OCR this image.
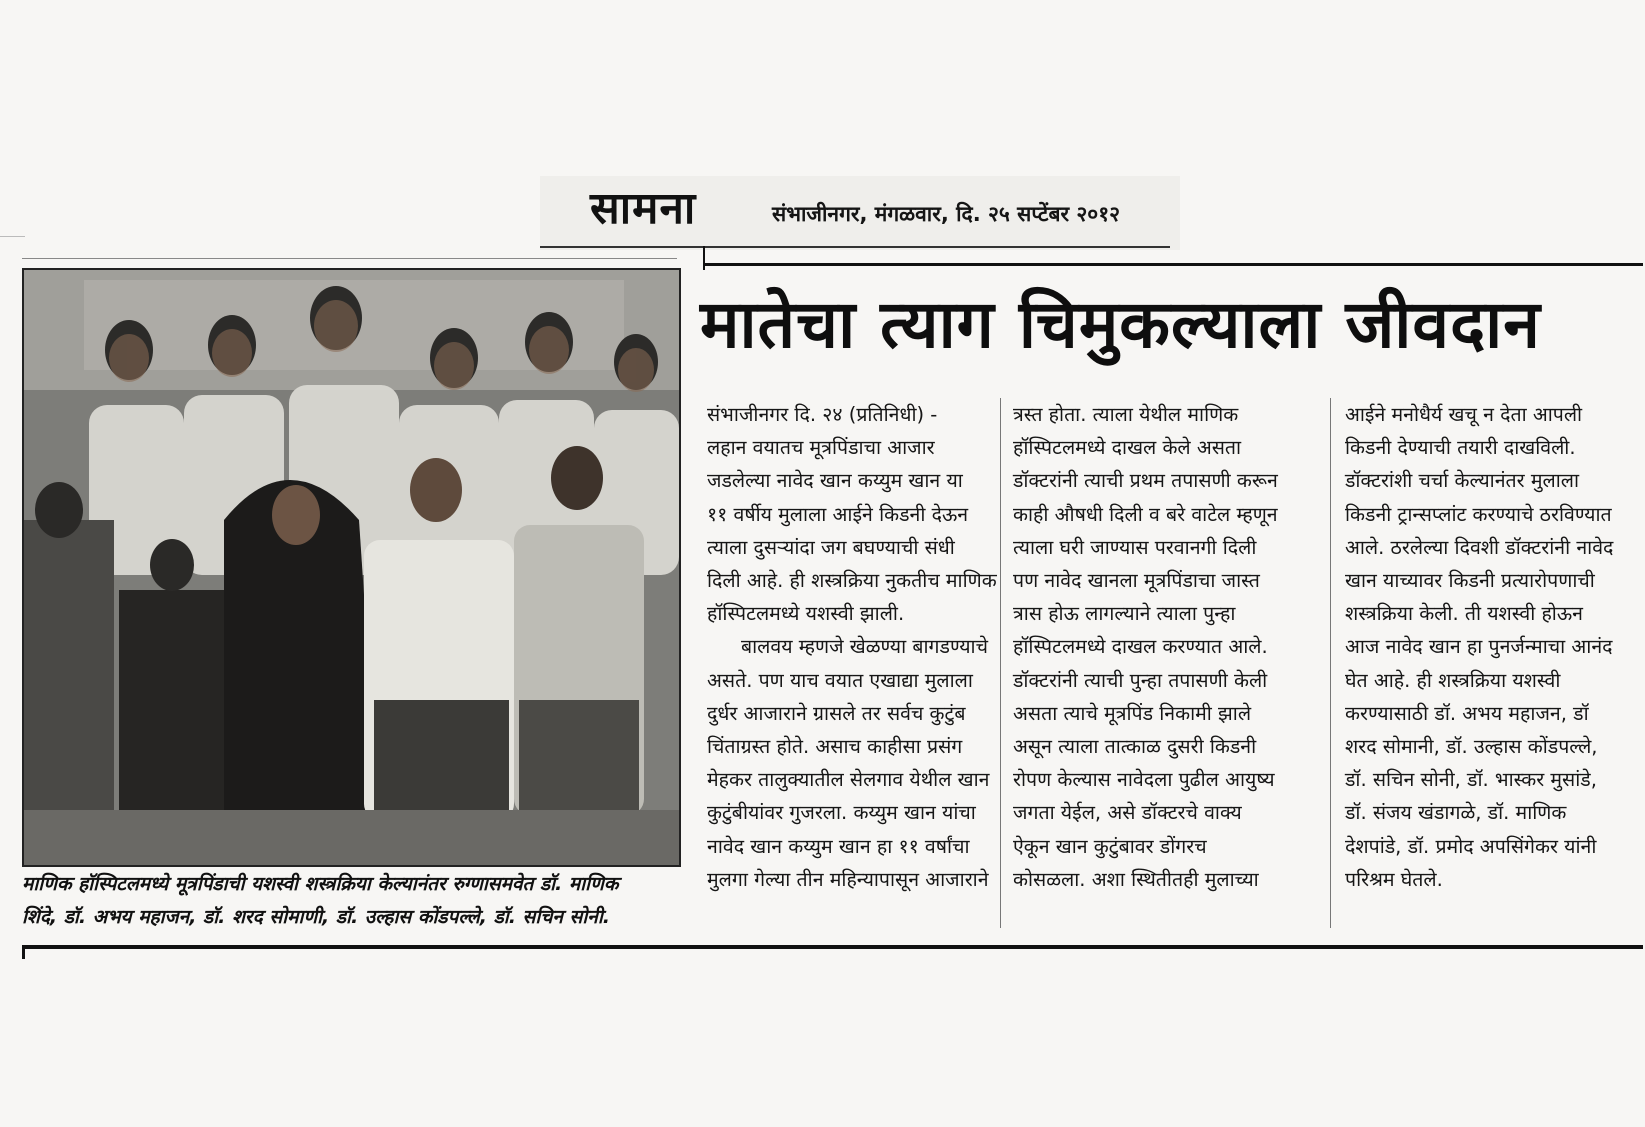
सामना	संभाजीनगर, मंगळवार, दि. २५ सप्टेंबर २०१२
मातेचा त्याग चिमुकल्याला जीवदान
माणिक हॉस्पिटलमध्ये मूत्रपिंडाची यशस्वी शस्त्रक्रिया केल्यानंतर रुग्णासमवेत डॉ. माणिक
शिंदे, डॉ. अभय महाजन, डॉ. शरद सोमाणी, डॉ. उल्हास कोंडपल्ले, डॉ. सचिन सोनी.
संभाजीनगर दि. २४ (प्रतिनिधी) -
लहान वयातच मूत्रपिंडाचा आजार
जडलेल्या नावेद खान कय्युम खान या
११ वर्षीय मुलाला आईने किडनी देऊन
त्याला दुसऱ्यांदा जग बघण्याची संधी
दिली आहे. ही शस्त्रक्रिया नुकतीच माणिक
हॉस्पिटलमध्ये यशस्वी झाली.
बालवय म्हणजे खेळण्या बागडण्याचे
असते. पण याच वयात एखाद्या मुलाला
दुर्धर आजाराने ग्रासले तर सर्वच कुटुंब
चिंताग्रस्त होते. असाच काहीसा प्रसंग
मेहकर तालुक्यातील सेलगाव येथील खान
कुटुंबीयांवर गुजरला. कय्युम खान यांचा
नावेद खान कय्युम खान हा ११ वर्षांचा
मुलगा गेल्या तीन महिन्यापासून आजाराने
त्रस्त होता. त्याला येथील माणिक
हॉस्पिटलमध्ये दाखल केले असता
डॉक्टरांनी त्याची प्रथम तपासणी करून
काही औषधी दिली व बरे वाटेल म्हणून
त्याला घरी जाण्यास परवानगी दिली
पण नावेद खानला मूत्रपिंडाचा जास्त
त्रास होऊ लागल्याने त्याला पुन्हा
हॉस्पिटलमध्ये दाखल करण्यात आले.
डॉक्टरांनी त्याची पुन्हा तपासणी केली
असता त्याचे मूत्रपिंड निकामी झाले
असून त्याला तात्काळ दुसरी किडनी
रोपण केल्यास नावेदला पुढील आयुष्य
जगता येईल, असे डॉक्टरचे वाक्य
ऐकून खान कुटुंबावर डोंगरच
कोसळला. अशा स्थितीतही मुलाच्या
आईने मनोधैर्य खचू न देता आपली
किडनी देण्याची तयारी दाखविली.
डॉक्टरांशी चर्चा केल्यानंतर मुलाला
किडनी ट्रान्सप्लांट करण्याचे ठरविण्यात
आले. ठरलेल्या दिवशी डॉक्टरांनी नावेद
खान याच्यावर किडनी प्रत्यारोपणाची
शस्त्रक्रिया केली. ती यशस्वी होऊन
आज नावेद खान हा पुनर्जन्माचा आनंद
घेत आहे. ही शस्त्रक्रिया यशस्वी
करण्यासाठी डॉ. अभय महाजन, डॉ
शरद सोमानी, डॉ. उल्हास कोंडपल्ले,
डॉ. सचिन सोनी, डॉ. भास्कर मुसांडे,
डॉ. संजय खंडागळे, डॉ. माणिक
देशपांडे, डॉ. प्रमोद अपसिंगेकर यांनी
परिश्रम घेतले.
